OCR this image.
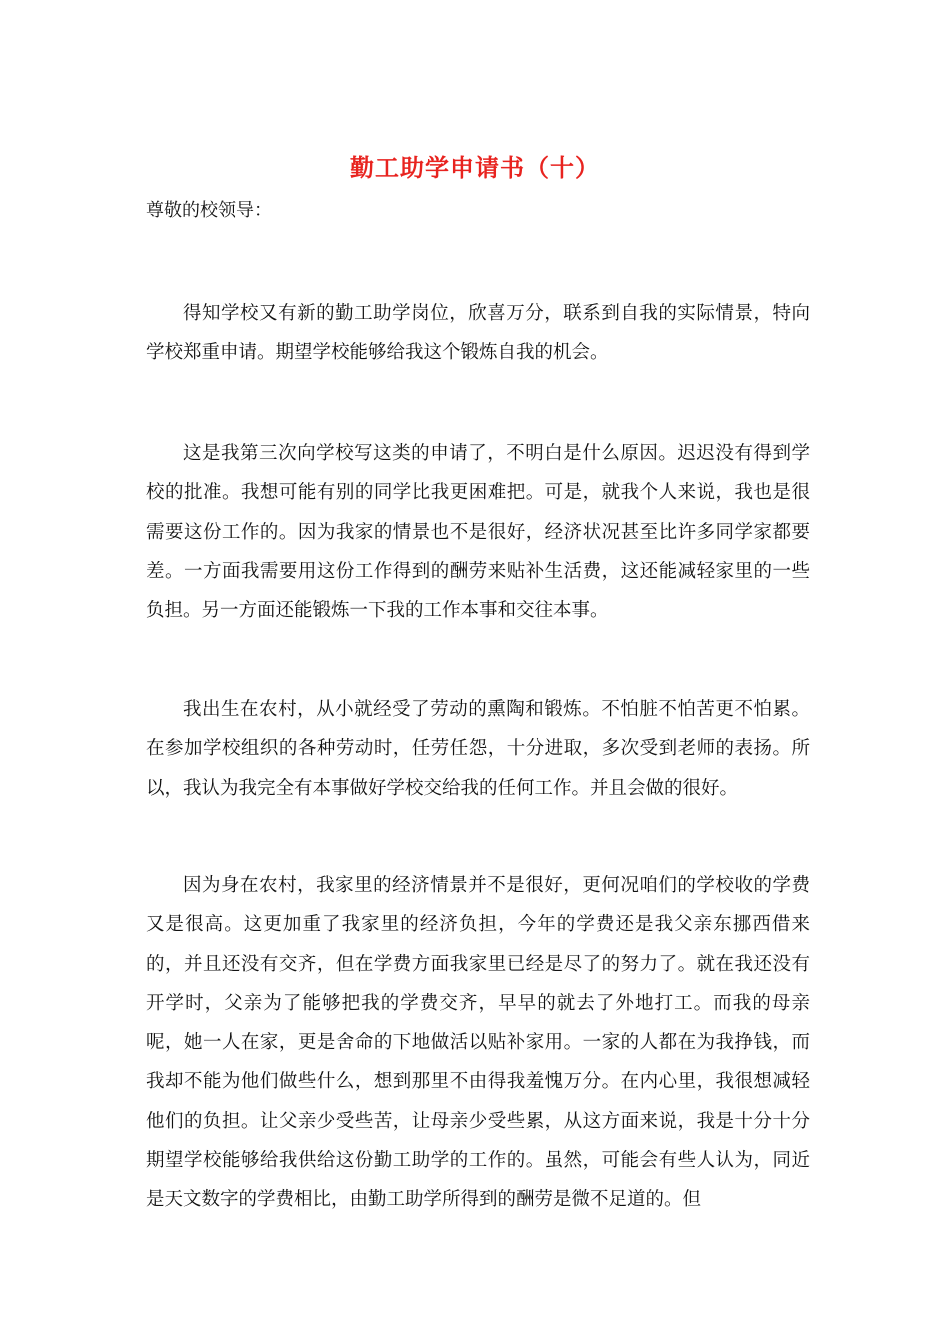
勤工助学申请书（十）
尊敬的校领导：

得知学校又有新的勤工助学岗位，欣喜万分，联系到自我的实际情景，特向学校郑重申请。期望学校能够给我这个锻炼自我的机会。

这是我第三次向学校写这类的申请了，不明白是什么原因。迟迟没有得到学校的批准。我想可能有别的同学比我更困难把。可是，就我个人来说，我也是很需要这份工作的。因为我家的情景也不是很好，经济状况甚至比许多同学家都要差。一方面我需要用这份工作得到的酬劳来贴补生活费，这还能减轻家里的一些负担。另一方面还能锻炼一下我的工作本事和交往本事。

我出生在农村，从小就经受了劳动的熏陶和锻炼。不怕脏不怕苦更不怕累。在参加学校组织的各种劳动时，任劳任怨，十分进取，多次受到老师的表扬。所以，我认为我完全有本事做好学校交给我的任何工作。并且会做的很好。

因为身在农村，我家里的经济情景并不是很好，更何况咱们的学校收的学费又是很高。这更加重了我家里的经济负担，今年的学费还是我父亲东挪西借来的，并且还没有交齐，但在学费方面我家里已经是尽了的努力了。就在我还没有开学时，父亲为了能够把我的学费交齐，早早的就去了外地打工。而我的母亲呢，她一人在家，更是舍命的下地做活以贴补家用。一家的人都在为我挣钱，而我却不能为他们做些什么，想到那里不由得我羞愧万分。在内心里，我很想减轻他们的负担。让父亲少受些苦，让母亲少受些累，从这方面来说，我是十分十分期望学校能够给我供给这份勤工助学的工作的。虽然，可能会有些人认为，同近是天文数字的学费相比，由勤工助学所得到的酬劳是微不足道的。但
